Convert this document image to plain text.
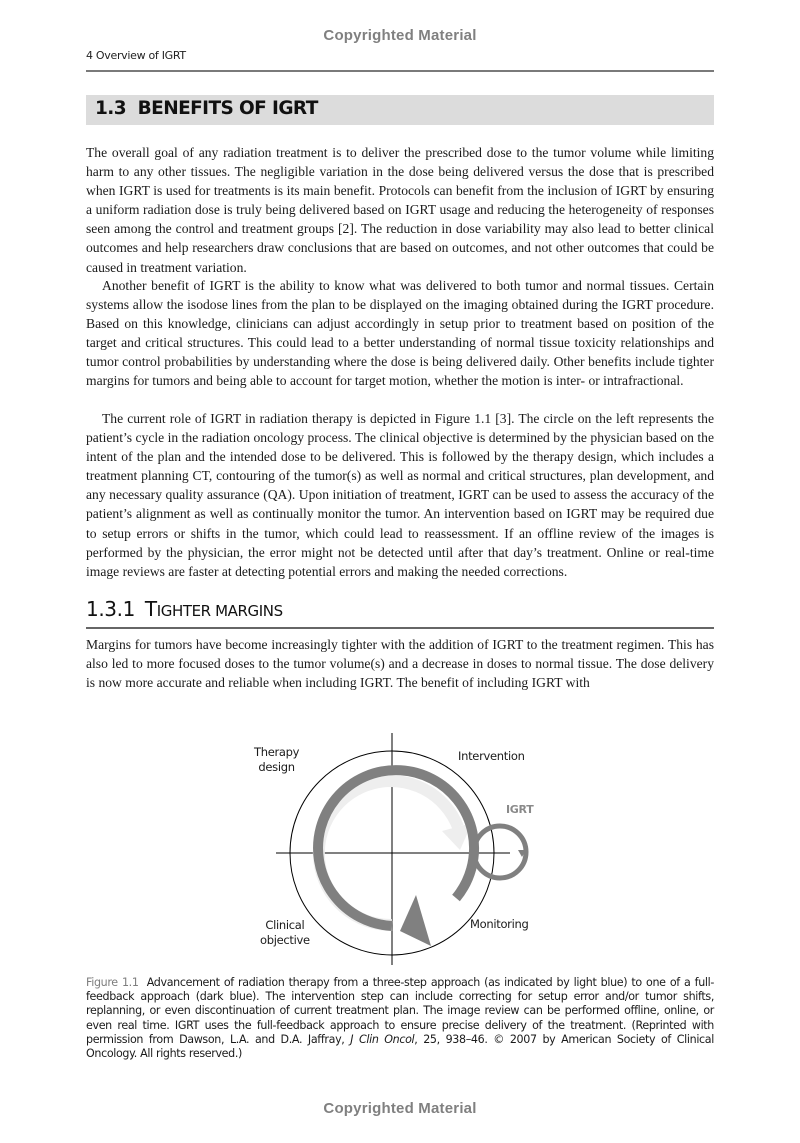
Copyrighted Material
4 Overview of IGRT
1.3 BENEFITS OF IGRT

The overall goal of any radiation treatment is to deliver the prescribed dose to the tumor volume while limiting harm to any other tissues. The negligible variation in the dose being delivered versus the dose that is prescribed when IGRT is used for treatments is its main benefit. Protocols can benefit from the inclusion of IGRT by ensuring a uniform radiation dose is truly being delivered based on IGRT usage and reducing the heterogeneity of responses seen among the control and treatment groups [2]. The reduction in dose variability may also lead to better clinical outcomes and help researchers draw conclusions that are based on outcomes, and not other outcomes that could be caused in treatment variation.

Another benefit of IGRT is the ability to know what was delivered to both tumor and normal tissues. Certain systems allow the isodose lines from the plan to be displayed on the imaging obtained during the IGRT procedure. Based on this knowledge, clinicians can adjust accordingly in setup prior to treatment based on position of the target and critical structures. This could lead to a better understanding of normal tissue toxicity relationships and tumor control probabilities by understanding where the dose is being delivered daily. Other benefits include tighter margins for tumors and being able to account for target motion, whether the motion is inter- or intrafractional.

The current role of IGRT in radiation therapy is depicted in Figure 1.1 [3]. The circle on the left represents the patient’s cycle in the radiation oncology process. The clinical objective is determined by the physician based on the intent of the plan and the intended dose to be delivered. This is followed by the therapy design, which includes a treatment planning CT, contouring of the tumor(s) as well as normal and critical structures, plan development, and any necessary quality assurance (QA). Upon initiation of treatment, IGRT can be used to assess the accuracy of the patient’s alignment as well as continually monitor the tumor. An intervention based on IGRT may be required due to setup errors or shifts in the tumor, which could lead to reassessment. If an offline review of the images is performed by the physician, the error might not be detected until after that day’s treatment. Online or real-time image reviews are faster at detecting potential errors and making the needed corrections.

1.3.1 TIGHTER MARGINS

Margins for tumors have become increasingly tighter with the addition of IGRT to the treatment regimen. This has also led to more focused doses to the tumor volume(s) and a decrease in doses to normal tissue. The dose delivery is now more accurate and reliable when including IGRT. The benefit of including IGRT with

Therapy
design
Intervention
IGRT
Clinical
objective
Monitoring
Figure 1.1 Advancement of radiation therapy from a three-step approach (as indicated by light blue) to one of a full-feedback approach (dark blue). The intervention step can include correcting for setup error and/or tumor shifts, replanning, or even discontinuation of current treatment plan. The image review can be performed offline, online, or even real time. IGRT uses the full-feedback approach to ensure precise delivery of the treatment. (Reprinted with permission from Dawson, L.A. and D.A. Jaffray, J Clin Oncol, 25, 938–46. © 2007 by American Society of Clinical Oncology. All rights reserved.)
Copyrighted Material
